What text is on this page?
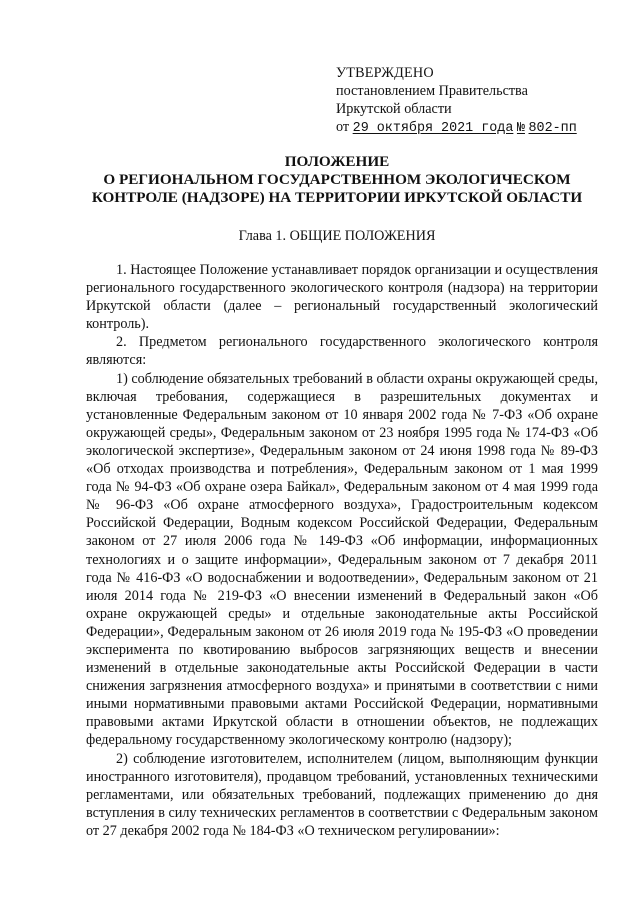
УТВЕРЖДЕНО
постановлением Правительства
Иркутской области
от 29 октября 2021 года № 802-пп
ПОЛОЖЕНИЕ
О РЕГИОНАЛЬНОМ ГОСУДАРСТВЕННОМ ЭКОЛОГИЧЕСКОМ
КОНТРОЛЕ (НАДЗОРЕ) НА ТЕРРИТОРИИ ИРКУТСКОЙ ОБЛАСТИ
Глава 1. ОБЩИЕ ПОЛОЖЕНИЯ

1. Настоящее Положение устанавливает порядок организации и осуществления регионального государственного экологического контроля (надзора) на территории Иркутской области (далее – региональный государственный экологический контроль).

2. Предметом регионального государственного экологического контроля являются:

1) соблюдение обязательных требований в области охраны окружающей среды, включая требования, содержащиеся в разрешительных документах и установленные Федеральным законом от 10 января 2002 года № 7-ФЗ «Об охране окружающей среды», Федеральным законом от 23 ноября 1995 года № 174-ФЗ «Об экологической экспертизе», Федеральным законом от 24 июня 1998 года № 89-ФЗ «Об отходах производства и потребления», Федеральным законом от 1 мая 1999 года № 94-ФЗ «Об охране озера Байкал», Федеральным законом от 4 мая 1999 года № 96-ФЗ «Об охране атмосферного воздуха», Градостроительным кодексом Российской Федерации, Водным кодексом Российской Федерации, Федеральным законом от 27 июля 2006 года № 149-ФЗ «Об информации, информационных технологиях и о защите информации», Федеральным законом от 7 декабря 2011 года № 416-ФЗ «О водоснабжении и водоотведении», Федеральным законом от 21 июля 2014 года № 219-ФЗ «О внесении изменений в Федеральный закон «Об охране окружающей среды» и отдельные законодательные акты Российской Федерации», Федеральным законом от 26 июля 2019 года № 195-ФЗ «О проведении эксперимента по квотированию выбросов загрязняющих веществ и внесении изменений в отдельные законодательные акты Российской Федерации в части снижения загрязнения атмосферного воздуха» и принятыми в соответствии с ними иными нормативными правовыми актами Российской Федерации, нормативными правовыми актами Иркутской области в отношении объектов, не подлежащих федеральному государственному экологическому контролю (надзору);

2) соблюдение изготовителем, исполнителем (лицом, выполняющим функции иностранного изготовителя), продавцом требований, установленных техническими регламентами, или обязательных требований, подлежащих применению до дня вступления в силу технических регламентов в соответствии с Федеральным законом от 27 декабря 2002 года № 184-ФЗ «О техническом регулировании»:
